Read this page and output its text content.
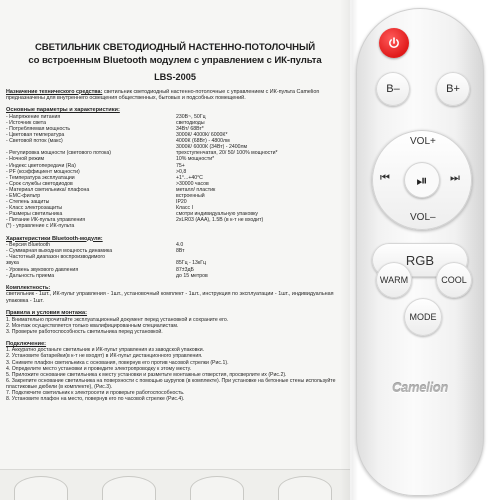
СВЕТИЛЬНИК СВЕТОДИОДНЫЙ НАСТЕННО-ПОТОЛОЧНЫЙ
со встроенным Bluetooth модулем с управлением с ИК-пульта
LBS-2005
Назначение технического средства: светильник светодиодный настенно-потолочные с управлением с ИК-пульта Camelion предназначены для внутреннего освещения общественных, бытовых и подсобных помещений.
Основные параметры и характеристики:
- Напряжение питания	230В~, 50Гц
- Источник света	светодиоды
- Потребляемая мощность	34Вт/ 68Вт*
- Цветовая температура	3000К/ 4000К/ 6000К*
- Световой поток (макс)	4000К (68Вт) - 4800лм
3000К/ 6000К (34Вт) - 2400лм
- Регулировка мощности (светового потока)	трехступенчатая, 20/ 50/ 100% мощности*
- Ночной режим	10% мощности*
- Индекс цветопередачи (Ra)	75+
- PF (коэффициент мощности)	>0,8
- Температура эксплуатации	+1°...+40°С
- Срок службы светодиодов	>30000 часов
- Материал светильника/ плафона	металл/ пластик
- EMC-фильтр	встроенный
- Степень защиты	IP20
- Класс электрозащиты	Класс I
- Размеры светильника	смотри индивидуальную упаковку
- Питание ИК-пульта управления	2xLR03 (ААА), 1.5В (в к-т не входит)
(*) - управление с ИК-пульта
Характеристики Bluetooth-модуля:
- Версия Bluetooth	4.0
- Суммарная выходная мощность динамика	8Вт
- Частотный диапазон воспроизводимого
звука	85Гц - 13кГц
- Уровень звукового давления	87±3дБ
- Дальность приема	до 15 метров
Комплектность:
светильник - 1шт., ИК-пульт управления - 1шт., установочный комплект - 1шт., инструкция по эксплуатации - 1шт., индивидуальная упаковка - 1шт.
Правила и условия монтажа:
1. Внимательно прочитайте эксплуатационный документ перед установкой и сохраните его.
2. Монтаж осуществляется только квалифицированным специалистам.
3. Проверьте работоспособность светильника перед установкой.
Подключение:
1. Аккуратно достаньте светильник и ИК-пульт управления из заводской упаковки.
2. Установите батарейки(в к-т не входят) в ИК-пульт дистанционного управления.
3. Снимите плафон светильника с основания, повернув его против часовой стрелки (Рис.1).
4. Определите место установки и проведите электропроводку к этому месту.
5. Приложите основание светильника к месту установки и разметьте монтажные отверстия, просверлите их (Рис.2).
6. Закрепите основание светильника на поверхности с помощью шурупов (в комплекте). При установке на бетонные стены используйте пластиковые дюбели (в комплекте), (Рис.3).
7. Подключите светильник к электросети и проверьте работоспособность.
8. Установите плафон на место, повернув его по часовой стрелке (Рис.4).
B–	B+
VOL+
VOL–
⏮	⏭
⏯
RGB
WARM	COOL
MODE
Camelion
